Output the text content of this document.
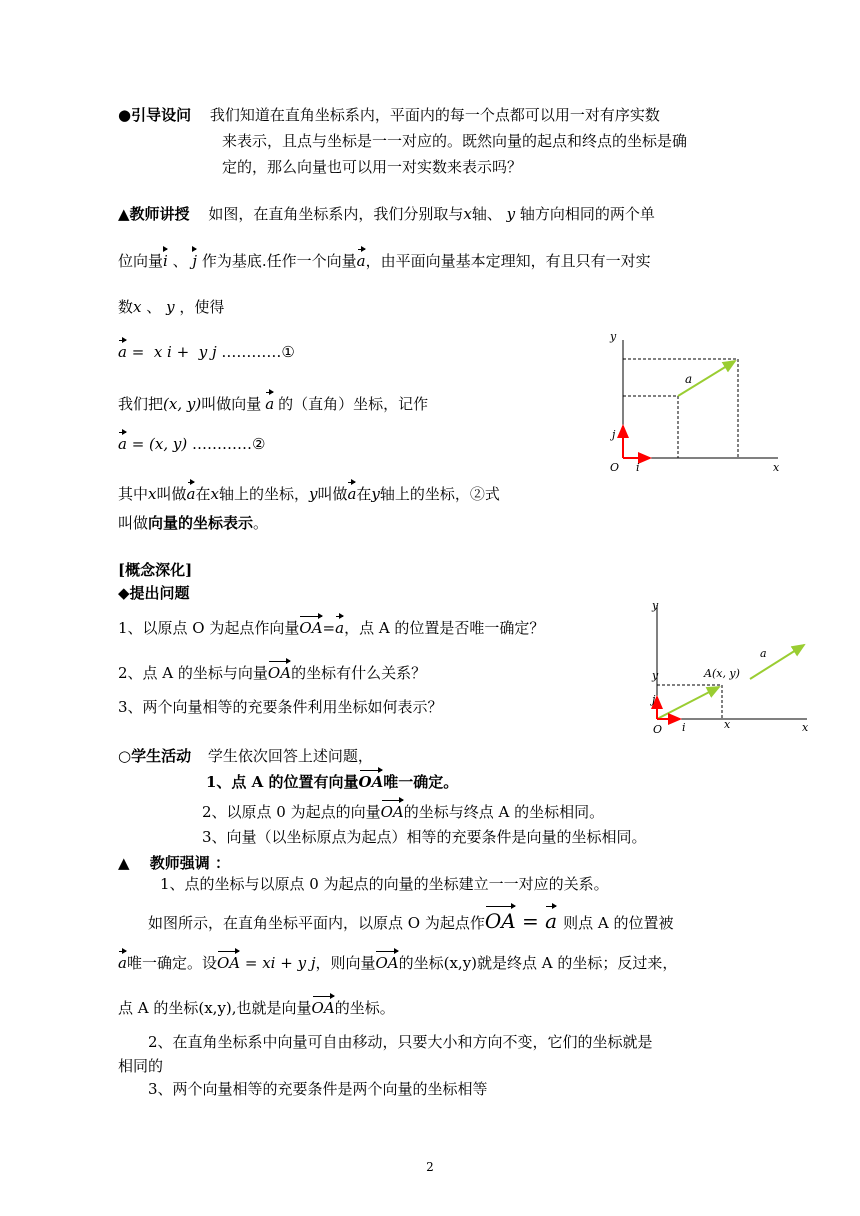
●引导设问 我们知道在直角坐标系内，平面内的每一个点都可以用一对有序实数
来表示，且点与坐标是一一对应的。既然向量的起点和终点的坐标是确
定的，那么向量也可以用一对实数来表示吗？
▲教师讲授 如图，在直角坐标系内，我们分别取与x轴、 y 轴方向相同的两个单
位向量i 、 j 作为基底.任作一个向量a，由平面向量基本定理知，有且只有一对实
数x 、 y ，使得
a =  x i +  y j …………①
我们把(x, y)叫做向量 a 的（直角）坐标，记作
a = (x, y) …………②
其中x叫做a在x轴上的坐标，y叫做a在y轴上的坐标，②式
叫做向量的坐标表示。
y
a
j
O i	x
[概念深化]
◆提出问题
1、以原点 O 为起点作向量OA=a，点 A 的位置是否唯一确定？
2、点 A 的坐标与向量OA的坐标有什么关系？
3、两个向量相等的充要条件利用坐标如何表示？
y
a
y	A(x, y)
j
O i	x	x
○学生活动 学生依次回答上述问题，
1、点 A 的位置有向量OA唯一确定。
2、以原点 0 为起点的向量OA的坐标与终点 A 的坐标相同。
3、向量（以坐标原点为起点）相等的充要条件是向量的坐标相同。
▲　 教师强调 ：
1、点的坐标与以原点 0 为起点的向量的坐标建立一一对应的关系。
如图所示，在直角坐标平面内，以原点 O 为起点作OA = a 则点 A 的位置被
a唯一确定。设OA = xi + y j，则向量OA的坐标(x,y)就是终点 A 的坐标；反过来，
点 A 的坐标(x,y),也就是向量OA的坐标。
2、在直角坐标系中向量可自由移动，只要大小和方向不变，它们的坐标就是
相同的
3、两个向量相等的充要条件是两个向量的坐标相等
2
